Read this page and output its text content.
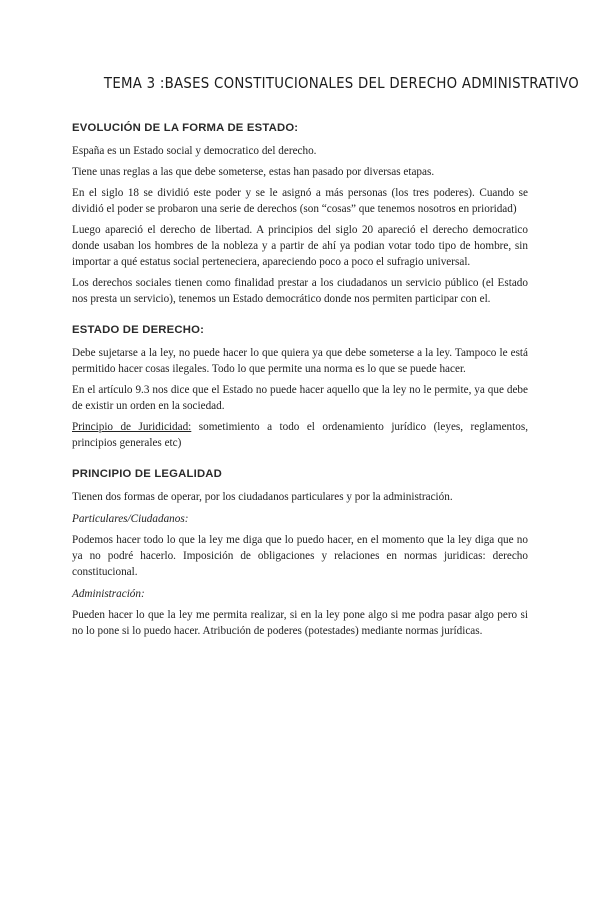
TEMA 3 :BASES CONSTITUCIONALES DEL DERECHO ADMINISTRATIVO
EVOLUCIÓN DE LA FORMA DE ESTADO:

España es un Estado social y democratico del derecho.

Tiene unas reglas a las que debe someterse, estas han pasado por diversas etapas.

En el siglo 18 se dividió este poder y se le asignó a más personas (los tres poderes). Cuando se dividió el poder se probaron una serie de derechos (son “cosas” que tenemos nosotros en prioridad)

Luego apareció el derecho de libertad. A principios del siglo 20 apareció el derecho democratico donde usaban los hombres de la nobleza y a partir de ahí ya podian votar todo tipo de hombre, sin importar a qué estatus social perteneciera, apareciendo poco a poco el sufragio universal.

Los derechos sociales tienen como finalidad prestar a los ciudadanos un servicio público (el Estado nos presta un servicio), tenemos un Estado democrático donde nos permiten participar con el.

ESTADO DE DERECHO:

Debe sujetarse a la ley, no puede hacer lo que quiera ya que debe someterse a la ley. Tampoco le está permitido hacer cosas ilegales. Todo lo que permite una norma es lo que se puede hacer.

En el artículo 9.3 nos dice que el Estado no puede hacer aquello que la ley no le permite, ya que debe de existir un orden en la sociedad.

Principio de Juridicidad: sometimiento a todo el ordenamiento jurídico (leyes, reglamentos, principios generales etc)

PRINCIPIO DE LEGALIDAD

Tienen dos formas de operar, por los ciudadanos particulares y por la administración.

Particulares/Ciudadanos:

Podemos hacer todo lo que la ley me diga que lo puedo hacer, en el momento que la ley diga que no ya no podré hacerlo. Imposición de obligaciones y relaciones en normas juridicas: derecho constitucional.

Administración:

Pueden hacer lo que la ley me permita realizar, si en la ley pone algo si me podra pasar algo pero si no lo pone si lo puedo hacer. Atribución de poderes (potestades) mediante normas jurídicas.
